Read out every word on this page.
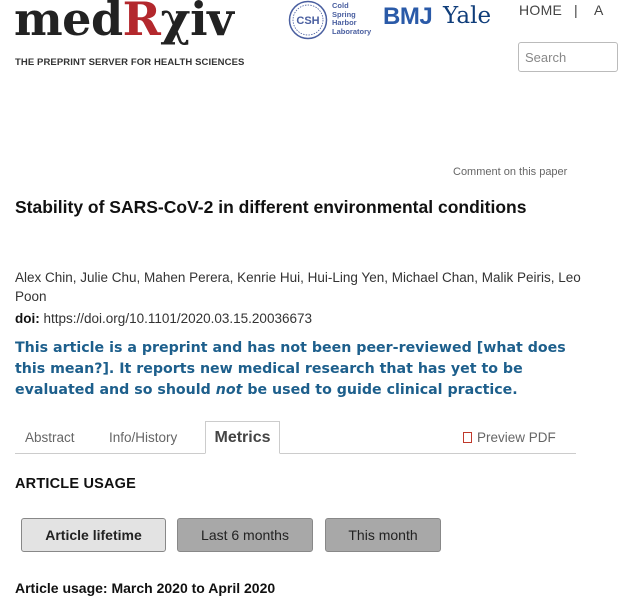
medRχiv
THE PREPRINT SERVER FOR HEALTH SCIENCES
CSH
Cold
Spring
Harbor
Laboratory
BMJ Yale HOME | A
Search
Comment on this paper
Stability of SARS-CoV-2 in different environmental conditions
Alex Chin, Julie Chu, Mahen Perera, Kenrie Hui, Hui-Ling Yen, Michael Chan, Malik Peiris, Leo Poon
doi: https://doi.org/10.1101/2020.03.15.20036673
This article is a preprint and has not been peer-reviewed [what does this mean?]. It reports new medical research that has yet to be evaluated and so should not be used to guide clinical practice.
Abstract	Info/History	Metrics	Preview PDF
ARTICLE USAGE
Article lifetime	Last 6 months	This month
Article usage: March 2020 to April 2020
